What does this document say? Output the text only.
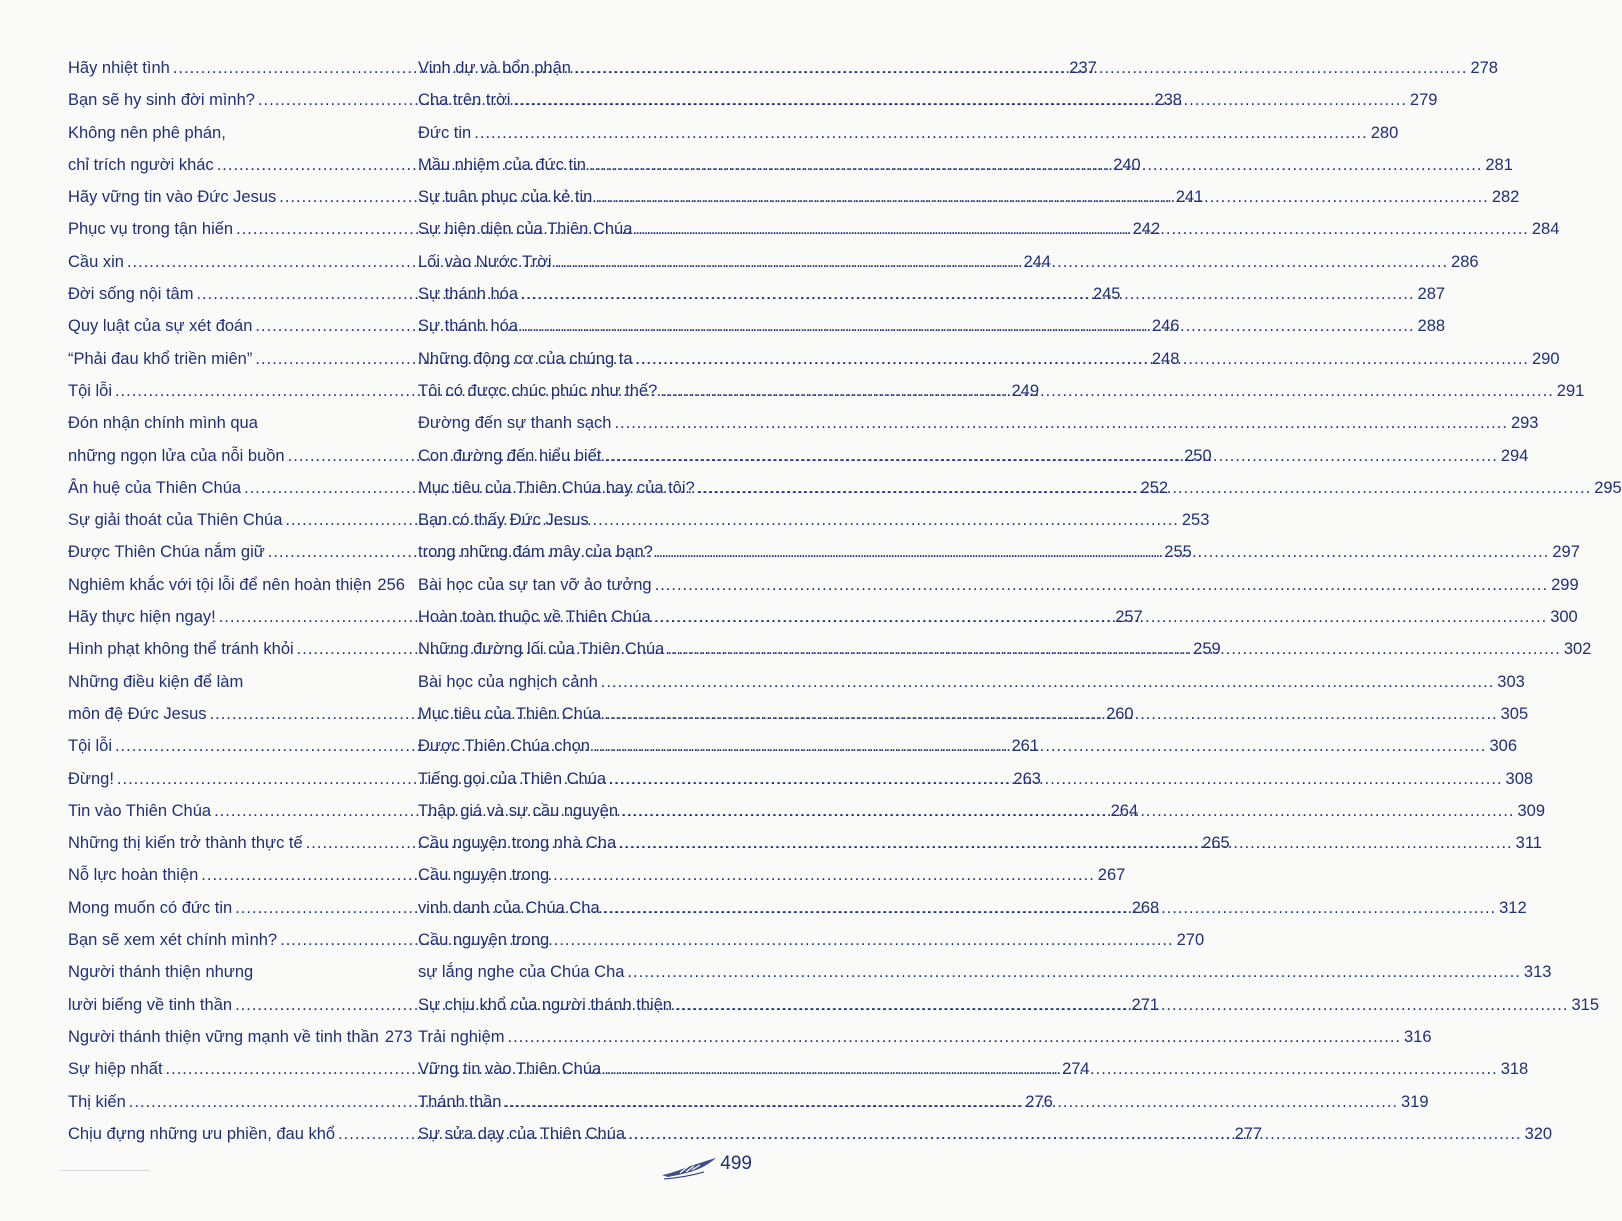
Hãy nhiệt tình .....	237
Bạn sẽ hy sinh đời mình? .....	238
Không nên phê phán,
chỉ trích người khác .....	240
Hãy vững tin vào Đức Jesus .....	241
Phục vụ trong tận hiến .....	242
Cầu xin .....	244
Đời sống nội tâm .....	245
Quy luật của sự xét đoán .....	246
“Phải đau khổ triền miên” .....	248
Tội lỗi .....	249
Đón nhận chính mình qua
những ngọn lửa của nỗi buồn .....	250
Ân huệ của Thiên Chúa .....	252
Sự giải thoát của Thiên Chúa .....	253
Được Thiên Chúa nắm giữ .....	255
Nghiêm khắc với tội lỗi để nên hoàn thiện 256
Hãy thực hiện ngay! .....	257
Hình phạt không thể tránh khỏi .....	259
Những điều kiện để làm
môn đệ Đức Jesus .....	260
Tội lỗi .....	261
Đừng! .....	263
Tin vào Thiên Chúa .....	264
Những thị kiến trở thành thực tế .....	265
Nỗ lực hoàn thiện .....	267
Mong muốn có đức tin .....	268
Bạn sẽ xem xét chính mình? .....	270
Người thánh thiện nhưng
lười biếng về tinh thần .....	271
Người thánh thiện vững mạnh về tinh thần 273
Sự hiệp nhất .....	274
Thị kiến .....	276
Chịu đựng những ưu phiền, đau khổ .....	277
Vinh dự và bổn phận .....	278
Cha trên trời .....	279
Đức tin .....	280
Mầu nhiệm của đức tin .....	281
Sự tuân phục của kẻ tin .....	282
Sự hiện diện của Thiên Chúa .....	284
Lối vào Nước Trời .....	286
Sự thánh hóa .....	287
Sự thánh hóa .....	288
Những động cơ của chúng ta .....	290
Tôi có được chúc phúc như thế? .....	291
Đường đến sự thanh sạch .....	293
Con đường đến hiểu biết .....	294
Mục tiêu của Thiên Chúa hay của tôi? .....	295
Bạn có thấy Đức Jesus
trong những đám mây của bạn? .....	297
Bài học của sự tan vỡ ảo tưởng .....	299
Hoàn toàn thuộc về Thiên Chúa .....	300
Những đường lối của Thiên Chúa .....	302
Bài học của nghịch cảnh .....	303
Mục tiêu của Thiên Chúa .....	305
Được Thiên Chúa chọn .....	306
Tiếng gọi của Thiên Chúa .....	308
Thập giá và sự cầu nguyện .....	309
Cầu nguyện trong nhà Cha .....	311
Cầu nguyện trong
vinh danh của Chúa Cha .....	312
Cầu nguyện trong
sự lắng nghe của Chúa Cha .....	313
Sự chịu khổ của người thánh thiện .....	315
Trải nghiệm .....	316
Vững tin vào Thiên Chúa .....	318
Thánh thần .....	319
Sự sửa dạy của Thiên Chúa .....	320
499
